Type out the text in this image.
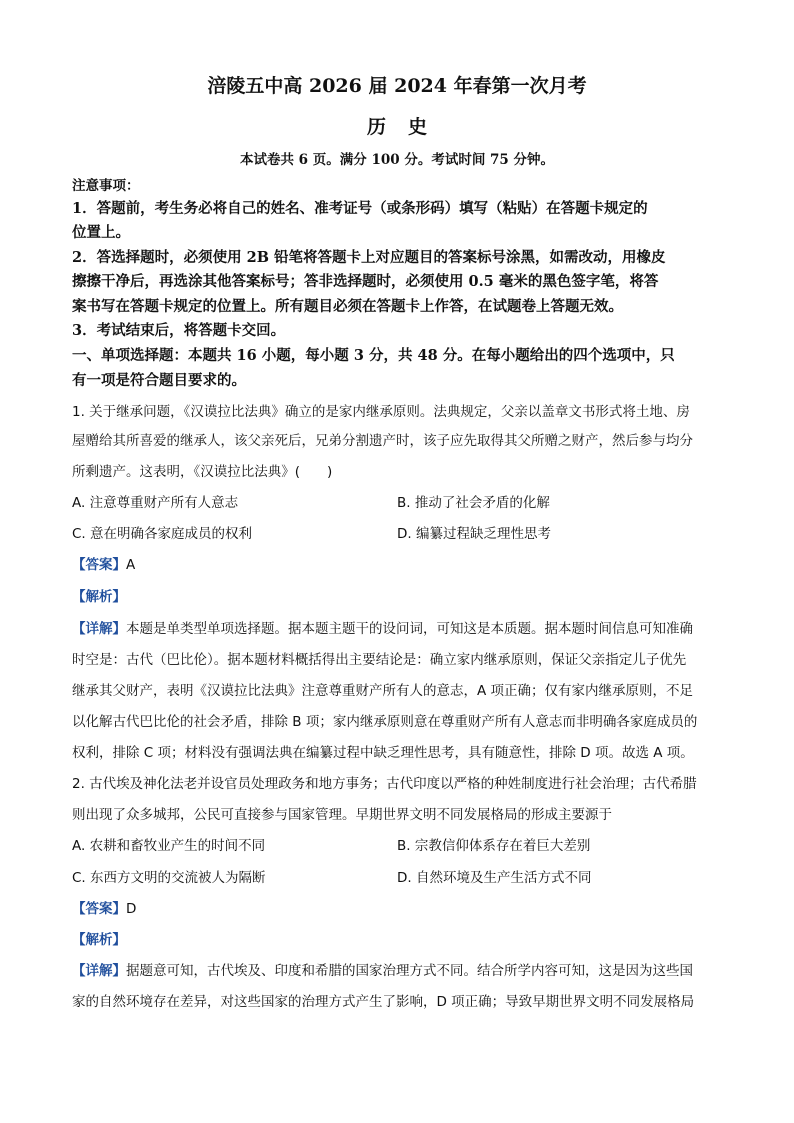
涪陵五中高 2026 届 2024 年春第一次月考
历史
本试卷共 6 页。满分 100 分。考试时间 75 分钟。
注意事项：
1．答题前，考生务必将自己的姓名、准考证号（或条形码）填写（粘贴）在答题卡规定的
位置上。
2．答选择题时，必须使用 2B 铅笔将答题卡上对应题目的答案标号涂黑，如需改动，用橡皮
擦擦干净后，再选涂其他答案标号；答非选择题时，必须使用 0.5 毫米的黑色签字笔，将答
案书写在答题卡规定的位置上。所有题目必须在答题卡上作答，在试题卷上答题无效。
3．考试结束后，将答题卡交回。
一、单项选择题：本题共 16 小题，每小题 3 分，共 48 分。在每小题给出的四个选项中，只
有一项是符合题目要求的。
1. 关于继承问题，《汉谟拉比法典》确立的是家内继承原则。法典规定，父亲以盖章文书形式将土地、房
屋赠给其所喜爱的继承人，该父亲死后，兄弟分割遗产时，该子应先取得其父所赠之财产，然后参与均分
所剩遗产。这表明，《汉谟拉比法典》(　　)
A. 注意尊重财产所有人意志	B. 推动了社会矛盾的化解
C. 意在明确各家庭成员的权利	D. 编纂过程缺乏理性思考
【答案】A
【解析】
【详解】本题是单类型单项选择题。据本题主题干的设问词，可知这是本质题。据本题时间信息可知准确
时空是：古代（巴比伦）。据本题材料概括得出主要结论是：确立家内继承原则，保证父亲指定儿子优先
继承其父财产，表明《汉谟拉比法典》注意尊重财产所有人的意志，A 项正确；仅有家内继承原则，不足
以化解古代巴比伦的社会矛盾，排除 B 项；家内继承原则意在尊重财产所有人意志而非明确各家庭成员的
权利，排除 C 项；材料没有强调法典在编纂过程中缺乏理性思考，具有随意性，排除 D 项。故选 A 项。
2. 古代埃及神化法老并设官员处理政务和地方事务；古代印度以严格的种姓制度进行社会治理；古代希腊
则出现了众多城邦，公民可直接参与国家管理。早期世界文明不同发展格局的形成主要源于
A. 农耕和畜牧业产生的时间不同	B. 宗教信仰体系存在着巨大差别
C. 东西方文明的交流被人为隔断	D. 自然环境及生产生活方式不同
【答案】D
【解析】
【详解】据题意可知，古代埃及、印度和希腊的国家治理方式不同。结合所学内容可知，这是因为这些国
家的自然环境存在差异，对这些国家的治理方式产生了影响，D 项正确；导致早期世界文明不同发展格局
